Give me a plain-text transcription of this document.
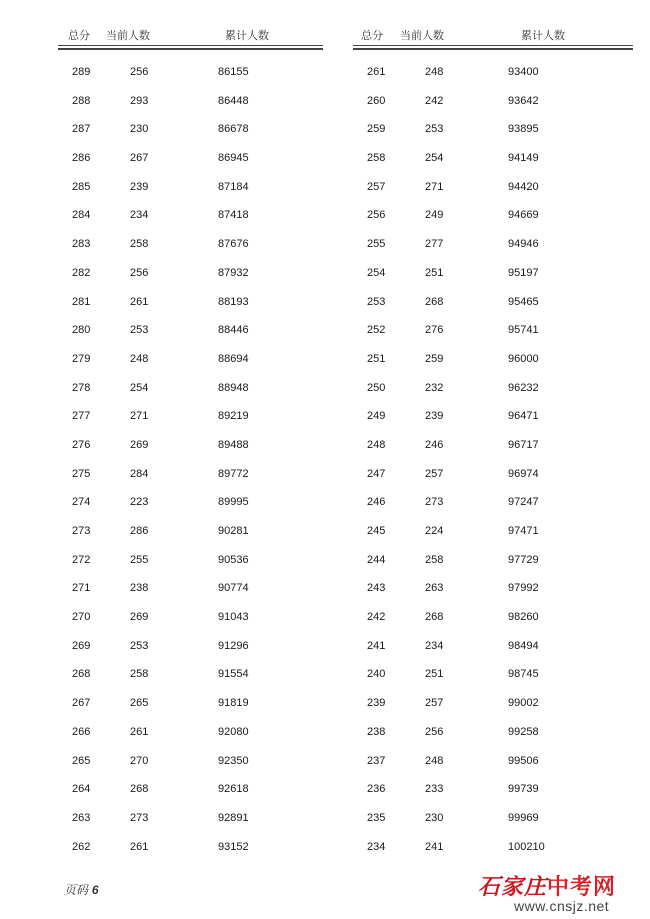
总分 当前人数	累计人数
289	256	86155
288	293	86448
287	230	86678
286	267	86945
285	239	87184
284	234	87418
283	258	87676
282	256	87932
281	261	88193
280	253	88446
279	248	88694
278	254	88948
277	271	89219
276	269	89488
275	284	89772
274	223	89995
273	286	90281
272	255	90536
271	238	90774
270	269	91043
269	253	91296
268	258	91554
267	265	91819
266	261	92080
265	270	92350
264	268	92618
263	273	92891
262	261	93152
总分 当前人数	累计人数
261	248	93400
260	242	93642
259	253	93895
258	254	94149
257	271	94420
256	249	94669
255	277	94946
254	251	95197
253	268	95465
252	276	95741
251	259	96000
250	232	96232
249	239	96471
248	246	96717
247	257	96974
246	273	97247
245	224	97471
244	258	97729
243	263	97992
242	268	98260
241	234	98494
240	251	98745
239	257	99002
238	256	99258
237	248	99506
236	233	99739
235	230	99969
234	241	100210
页码 6	石家庄中考网
www.cnsjz.net
